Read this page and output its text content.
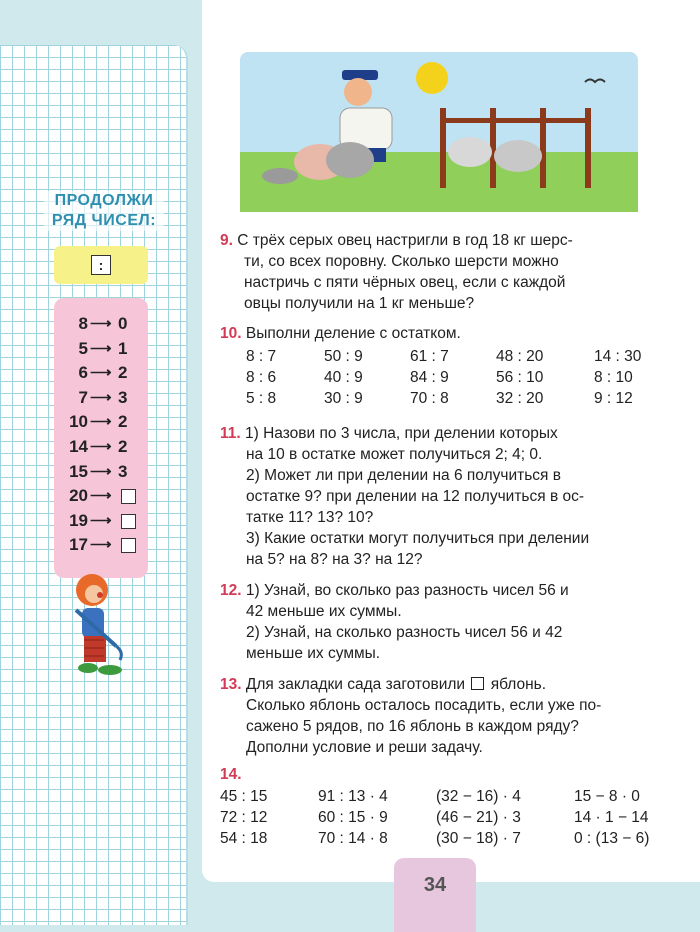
ПРОДОЛЖИ
РЯД ЧИСЕЛ:
:
8 ⟶ 0
5 ⟶ 1
6 ⟶ 2
7 ⟶ 3
10 ⟶ 2
14 ⟶ 2
15 ⟶ 3
20 ⟶
19 ⟶
17 ⟶
9. С трёх серых овец настригли в год 18 кг шерс-
ти, со всех поровну. Сколько шерсти можно
настричь с пяти чёрных овец, если с каждой
овцы получили на 1 кг меньше?
10. Выполни деление с остатком.
8 : 7	50 : 9	61 : 7	48 : 20	14 : 30
8 : 6	40 : 9	84 : 9	56 : 10	8 : 10
5 : 8	30 : 9	70 : 8	32 : 20	9 : 12
11. 1) Назови по 3 числа, при делении которых
на 10 в остатке может получиться 2; 4; 0.
2) Может ли при делении на 6 получиться в
остатке 9? при делении на 12 получиться в ос-
татке 11? 13? 10?
3) Какие остатки могут получиться при делении
на 5? на 8? на 3? на 12?
12. 1) Узнай, во сколько раз разность чисел 56 и
42 меньше их суммы.
2) Узнай, на сколько разность чисел 56 и 42
меньше их суммы.
13. Для закладки сада заготовили яблонь.
Сколько яблонь осталось посадить, если уже по-
сажено 5 рядов, по 16 яблонь в каждом ряду?
Дополни условие и реши задачу.
14.
45 : 15	91 : 13 · 4	(32 − 16) · 4	15 − 8 · 0
72 : 12	60 : 15 · 9	(46 − 21) · 3	14 · 1 − 14
54 : 18	70 : 14 · 8	(30 − 18) · 7	0 : (13 − 6)
34
